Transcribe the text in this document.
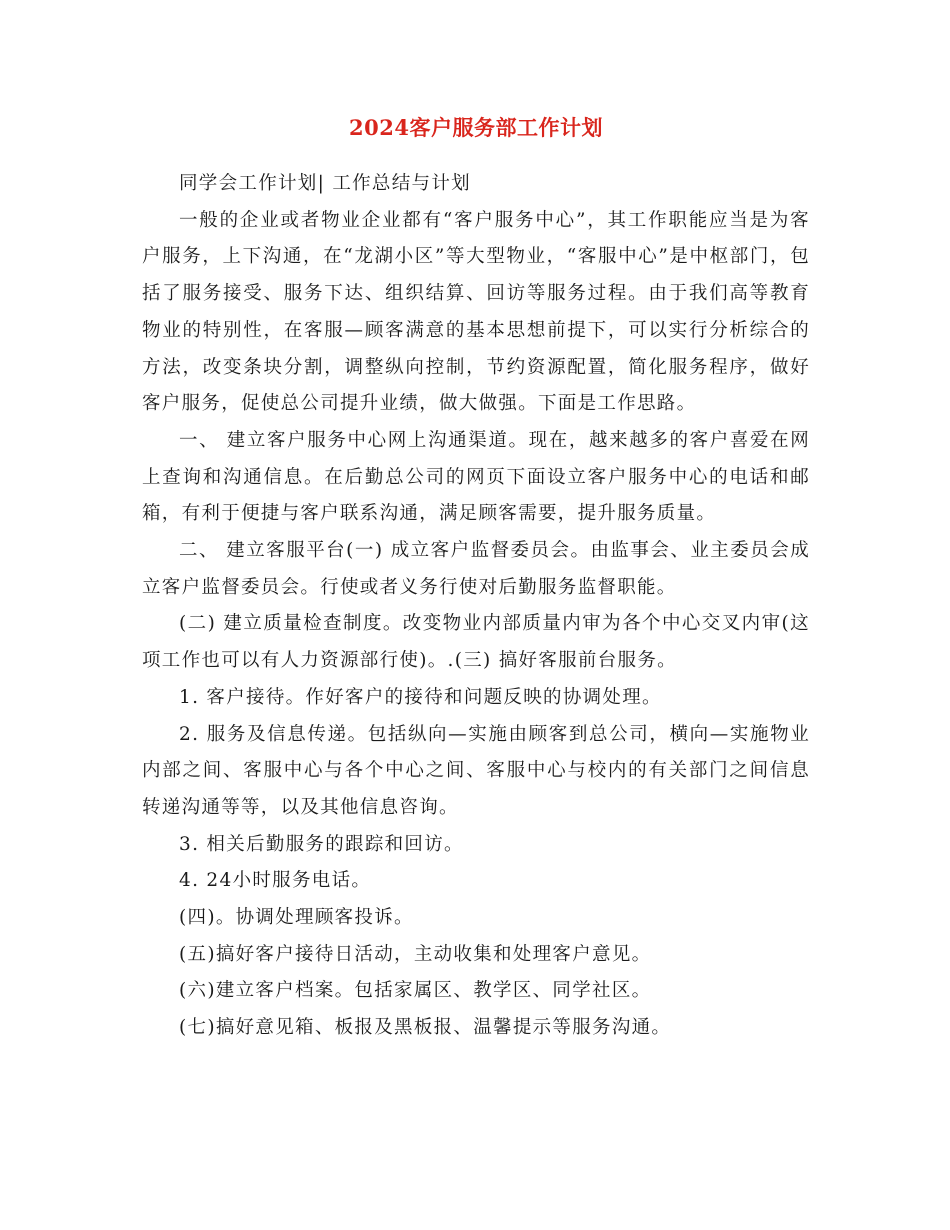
2024客户服务部工作计划

同学会工作计划| 工作总结与计划

一般的企业或者物业企业都有“客户服务中心”，其工作职能应当是为客户服务，上下沟通，在“龙湖小区”等大型物业，“客服中心”是中枢部门，包括了服务接受、服务下达、组织结算、回访等服务过程。由于我们高等教育物业的特别性，在客服—顾客满意的基本思想前提下，可以实行分析综合的方法，改变条块分割，调整纵向控制，节约资源配置，简化服务程序，做好客户服务，促使总公司提升业绩，做大做强。下面是工作思路。

一、 建立客户服务中心网上沟通渠道。现在，越来越多的客户喜爱在网上查询和沟通信息。在后勤总公司的网页下面设立客户服务中心的电话和邮箱，有利于便捷与客户联系沟通，满足顾客需要，提升服务质量。

二、 建立客服平台(一) 成立客户监督委员会。由监事会、业主委员会成立客户监督委员会。行使或者义务行使对后勤服务监督职能。

(二) 建立质量检查制度。改变物业内部质量内审为各个中心交叉内审(这项工作也可以有人力资源部行使)。.(三) 搞好客服前台服务。

1. 客户接待。作好客户的接待和问题反映的协调处理。

2. 服务及信息传递。包括纵向—实施由顾客到总公司，横向—实施物业内部之间、客服中心与各个中心之间、客服中心与校内的有关部门之间信息转递沟通等等，以及其他信息咨询。

3. 相关后勤服务的跟踪和回访。

4. 24小时服务电话。

(四)。协调处理顾客投诉。

(五)搞好客户接待日活动，主动收集和处理客户意见。

(六)建立客户档案。包括家属区、教学区、同学社区。

(七)搞好意见箱、板报及黑板报、温馨提示等服务沟通。
